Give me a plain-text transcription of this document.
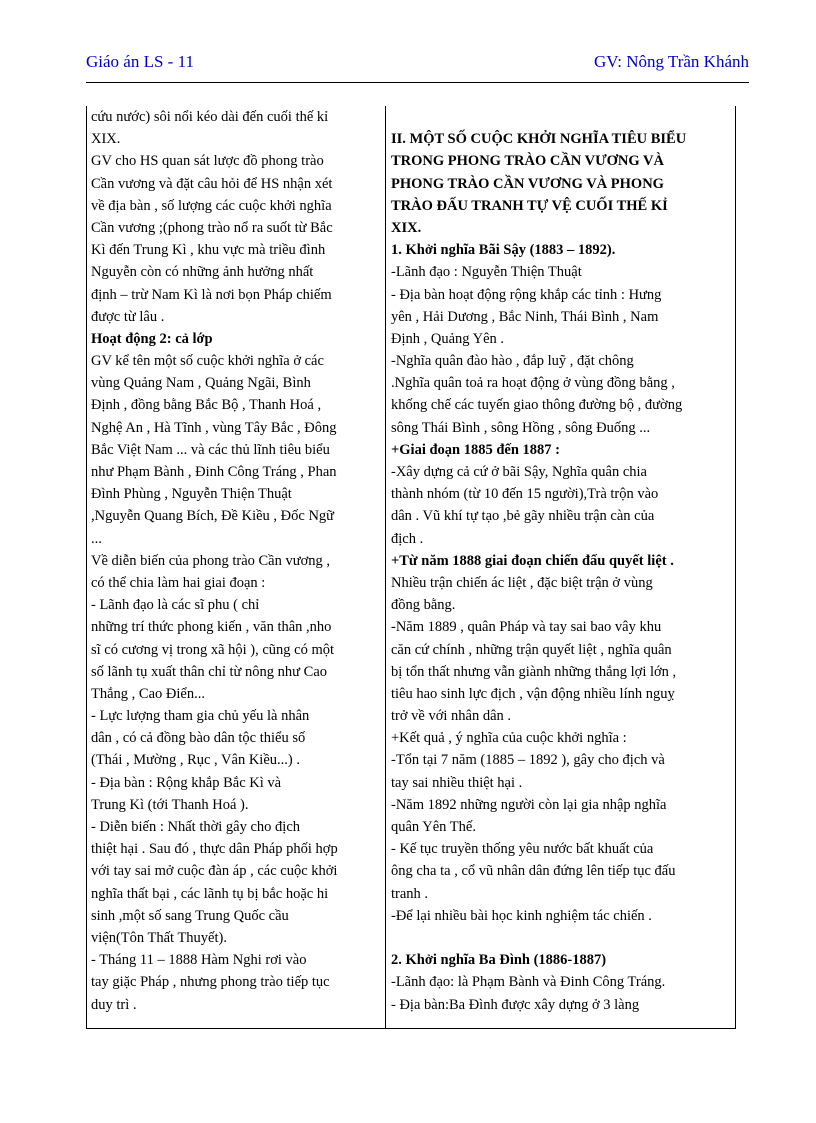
Giáo án LS - 11	GV: Nông Trần Khánh
cứu nước) sôi nổi kéo dài đến cuối thế kỉ
XIX.
GV cho HS quan sát lược đồ phong trào
Cần vương và đặt câu hỏi để HS nhận xét
về địa bàn , số lượng các cuộc khởi nghĩa
Cần vương ;(phong trào nổ ra suốt từ Bắc
Kì đến Trung Kì , khu vực mà triều đình
Nguyễn còn có những ảnh hưởng nhất
định – trừ Nam Kì là nơi bọn Pháp chiếm
được từ lâu .
Hoạt động 2: cả lớp
GV kể tên một số cuộc khởi nghĩa ở các
vùng Quảng Nam , Quảng Ngãi, Bình
Định , đồng bằng Bắc Bộ , Thanh Hoá ,
Nghệ An , Hà Tĩnh , vùng Tây Bắc , Đông
Bắc Việt Nam ... và các thủ lĩnh tiêu biểu
như Phạm Bành , Đinh Công Tráng , Phan
Đình Phùng , Nguyễn Thiện Thuật
,Nguyễn Quang Bích, Đề Kiều , Đốc Ngữ
...
Về diễn biến của phong trào Cần vương ,
có thể chia làm hai giai đoạn :
- Lãnh đạo là các sĩ phu ( chỉ
những trí thức phong kiến , văn thân ,nho
sĩ có cương vị trong xã hội ), cũng có một
số lãnh tụ xuất thân chỉ từ nông như Cao
Thắng , Cao Điển...
- Lực lượng tham gia chủ yếu là nhân
dân , có cả đồng bào dân tộc thiểu số
(Thái , Mường , Rục , Vân Kiều...) .
- Địa bàn : Rộng khắp Bắc Kì và
Trung Kì (tới Thanh Hoá ).
- Diễn biến : Nhất thời gây cho địch
thiệt hại . Sau đó , thực dân Pháp phối hợp
với tay sai mở cuộc đàn áp , các cuộc khởi
nghĩa thất bại , các lãnh tụ bị bắc hoặc hi
sinh ,một số sang Trung Quốc cầu
viện(Tôn Thất Thuyết).
- Tháng 11 – 1888 Hàm Nghi rơi vào
tay giặc Pháp , nhưng phong trào tiếp tục
duy trì .
II. MỘT SỐ CUỘC KHỞI NGHĨA TIÊU BIỂU
TRONG PHONG TRÀO CẦN VƯƠNG VÀ
PHONG TRÀO CẦN VƯƠNG VÀ PHONG
TRÀO ĐẤU TRANH TỰ VỆ CUỐI THẾ KỈ
XIX.
1. Khởi nghĩa Bãi Sậy (1883 – 1892).
-Lãnh đạo : Nguyễn Thiện Thuật
- Địa bàn hoạt động rộng khắp các tỉnh : Hưng
yên , Hải Dương , Bắc Ninh, Thái Bình , Nam
Định , Quảng Yên .
-Nghĩa quân đào hào , đắp luỹ , đặt chông
.Nghĩa quân toả ra hoạt động ở vùng đồng bằng ,
khống chế các tuyến giao thông đường bộ , đường
sông Thái Bình , sông Hồng , sông Đuống ...
+Giai đoạn 1885 đến 1887 :
-Xây dựng cả cứ ở bãi Sậy, Nghĩa quân chia
thành nhóm (từ 10 đến 15 người),Trà trộn vào
dân . Vũ khí tự tạo ,bẻ gãy nhiều trận càn của
địch .
+Từ năm 1888 giai đoạn chiến đấu quyết liệt .
Nhiều trận chiến ác liệt , đặc biệt trận ở vùng
đồng bằng.
-Năm 1889 , quân Pháp và tay sai bao vây khu
căn cứ chính , những trận quyết liệt , nghĩa quân
bị tổn thất nhưng vẫn giành những thắng lợi lớn ,
tiêu hao sinh lực địch , vận động nhiều lính nguỵ
trở về với nhân dân .
+Kết quả , ý nghĩa của cuộc khởi nghĩa :
-Tổn tại 7 năm (1885 – 1892 ), gây cho địch và
tay sai nhiều thiệt hại .
-Năm 1892 những người còn lại gia nhập nghĩa
quân Yên Thế.
- Kế tục truyền thống yêu nước bất khuất của
ông cha ta , cổ vũ nhân dân đứng lên tiếp tục đấu
tranh .
-Để lại nhiều bài học kinh nghiệm tác chiến .
2. Khởi nghĩa Ba Đình (1886-1887)
-Lãnh đạo: là Phạm Bành và Đinh Công Tráng.
- Địa bàn:Ba Đình được xây dựng ở 3 làng
